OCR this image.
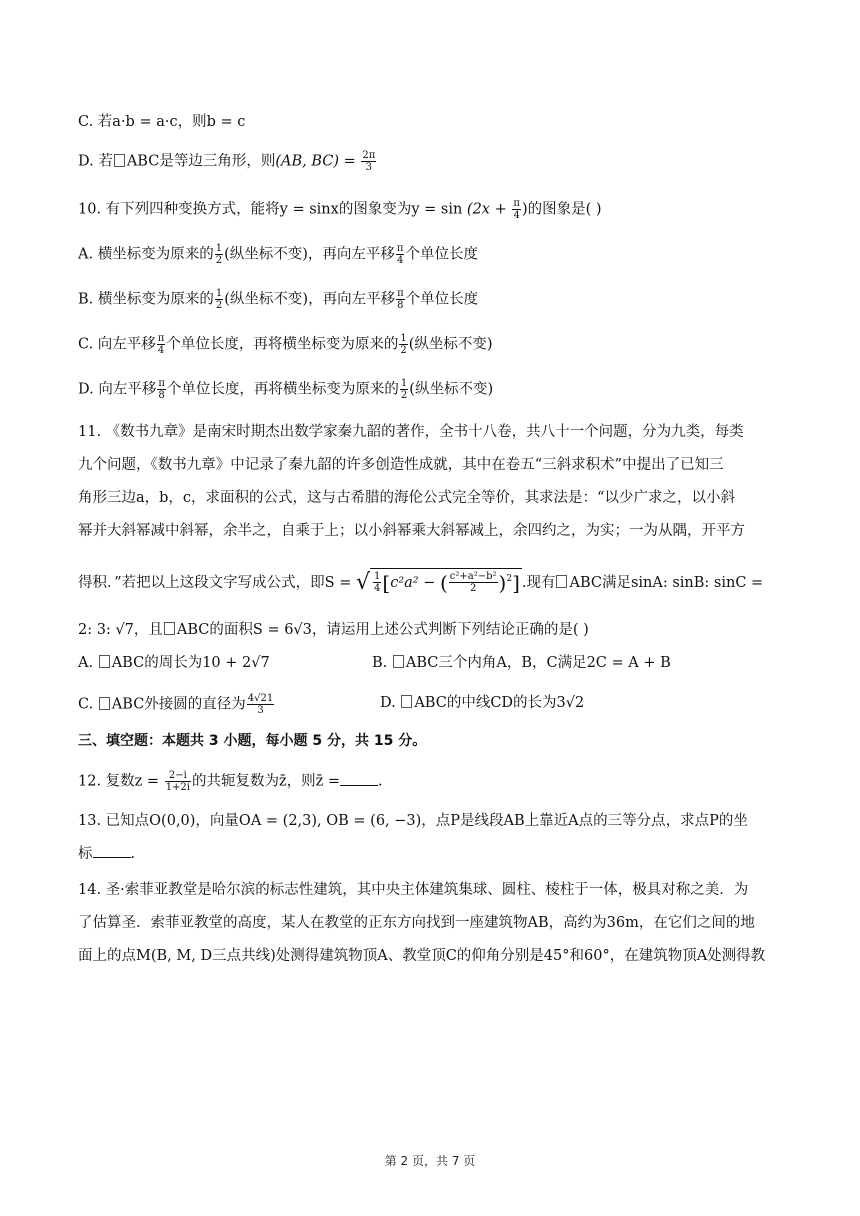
C. 若a·b = a·c，则b = c
D. 若 ABC是等边三角形，则(AB, $BC) = \frac{2\pi}{3}$
10. 有下列四种变换方式，能将y = sinx的图象变为$y = \sin (2x + \frac{\pi}{4}$ )的图象是( )
A. 横坐标变为原来的 $\frac{1}{2}$ (纵坐标不变)，再向左平移 $\frac{\pi}{4}$ 个单位长度
B. 横坐标变为原来的 $\frac{1}{2}$ (纵坐标不变)，再向左平移 $\frac{\pi}{8}$ 个单位长度
C. 向左平移 $\frac{\pi}{4}$ 个单位长度，再将横坐标变为原来的 $\frac{1}{2}$ (纵坐标不变)
D. 向左平移 $\frac{\pi}{8}$ 个单位长度，再将横坐标变为原来的 $\frac{1}{2}$ (纵坐标不变)
11. 《数书九章》是南宋时期杰出数学家秦九韶的著作，全书十八卷，共八十一个问题，分为九类，每类
九个问题，《数书九章》中记录了秦九韶的许多创造性成就，其中在卷五“三斜求积术”中提出了已知三
角形三边a，b，c，求面积的公式，这与古希腊的海伦公式完全等价，其求法是：“以少广求之，以小斜
幂并大斜幂减中斜幂，余半之，自乘于上；以小斜幂乘大斜幂减上，余四约之，为实；一为从隅，开平方
得积．”若把以上这段文字写成公式，即S = √ $\frac{1}{4} [c^2a^2$ − ( $\frac{\text{c²+a²−b²}}{2} )^2$] .现有 ABC满足sinA: sinB: sinC =
2: 3: √7，且 ABC的面积S = 6√3，请运用上述公式判断下列结论正确的是( )
A. ABC的周长为10 + 2√7	B. ABC三个内角A，B，C满足2C = A + B
C. ABC外接圆的直径为 $\frac{4√21}{3}$	D. ABC的中线CD的长为3√2
三、填空题：本题共 3 小题，每小题 5 分，共 15 分。
12. 复数$z = \frac{2-i}{1+2i}$ 的共轭复数为z̄，则z̄ =	.
13. 已知点O(0,0)，向量OA = (2,3), OB = (6, −3)，点P是线段AB上靠近A点的三等分点，求点P的坐
标	.
14. 圣·索菲亚教堂是哈尔滨的标志性建筑，其中央主体建筑集球、圆柱、棱柱于一体，极具对称之美．为
了估算圣．索菲亚教堂的高度，某人在教堂的正东方向找到一座建筑物AB，高约为36m，在它们之间的地
面上的点M(B, M, D三点共线)处测得建筑物顶A、教堂顶C的仰角分别是45°和60°，在建筑物顶A处测得教
第 2 页，共 7 页
